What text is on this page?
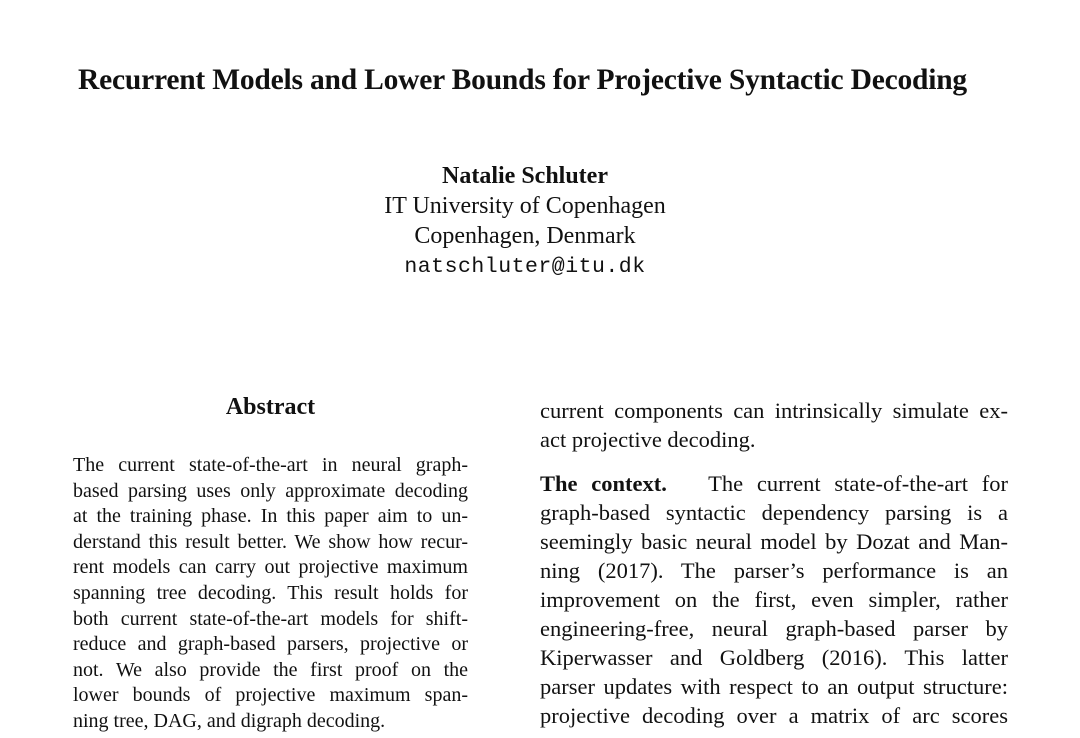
Recurrent Models and Lower Bounds for Projective Syntactic Decoding
Natalie Schluter
IT University of Copenhagen
Copenhagen, Denmark
natschluter@itu.dk
Abstract
The current state-of-the-art in neural graph-
based parsing uses only approximate decoding
at the training phase. In this paper aim to un-
derstand this result better. We show how recur-
rent models can carry out projective maximum
spanning tree decoding. This result holds for
both current state-of-the-art models for shift-
reduce and graph-based parsers, projective or
not. We also provide the first proof on the
lower bounds of projective maximum span-
ning tree, DAG, and digraph decoding.
current components can intrinsically simulate ex-
act projective decoding.
The context. The current state-of-the-art for
graph-based syntactic dependency parsing is a
seemingly basic neural model by Dozat and Man-
ning (2017). The parser’s performance is an
improvement on the first, even simpler, rather
engineering-free, neural graph-based parser by
Kiperwasser and Goldberg (2016). This latter
parser updates with respect to an output structure:
projective decoding over a matrix of arc scores
